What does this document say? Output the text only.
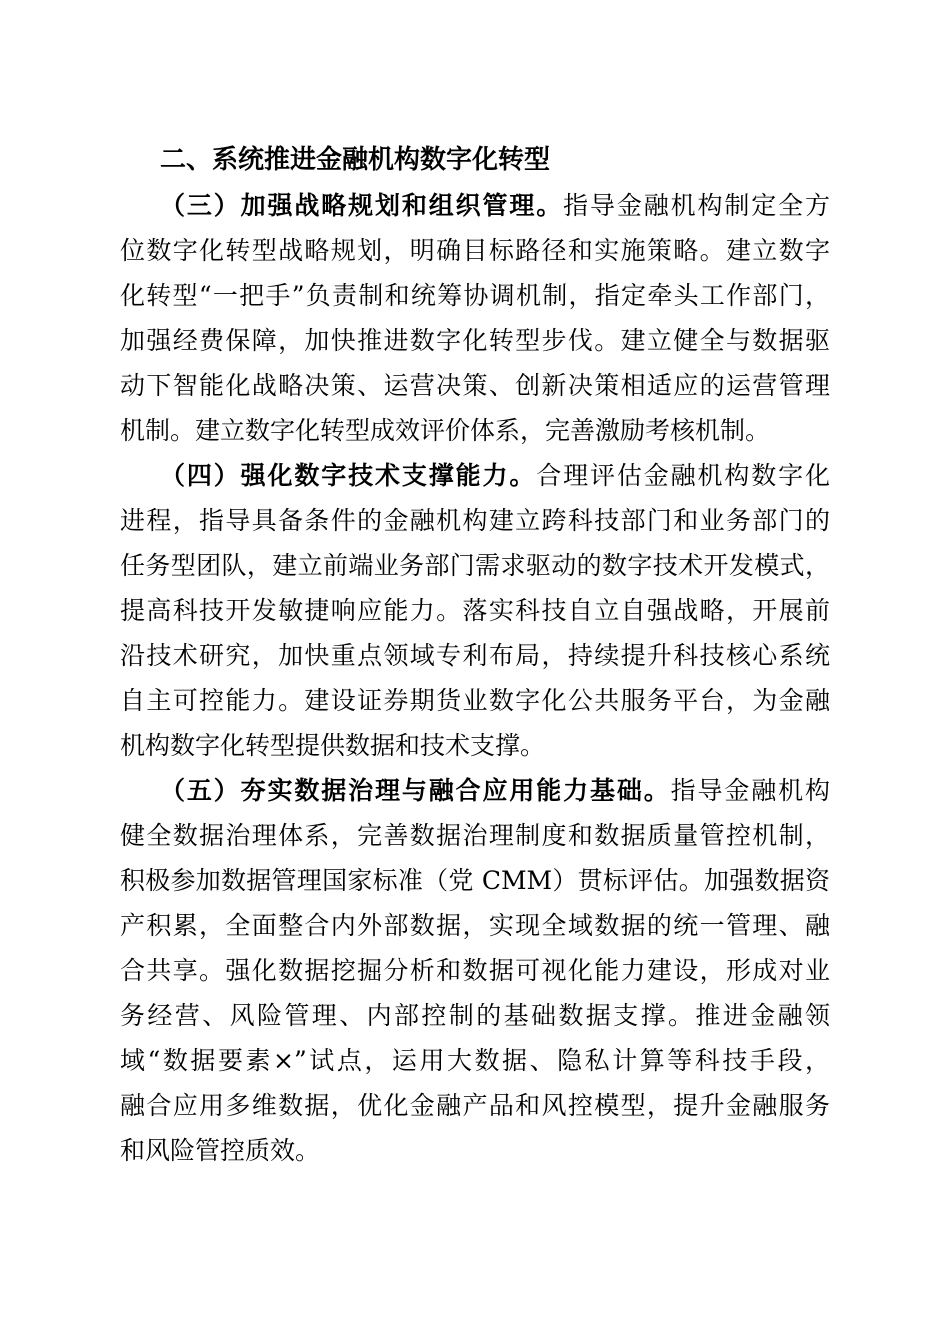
二、系统推进金融机构数字化转型
（三）加强战略规划和组织管理。指导金融机构制定全方
位数字化转型战略规划，明确目标路径和实施策略。建立数字
化转型“一把手”负责制和统筹协调机制，指定牵头工作部门，
加强经费保障，加快推进数字化转型步伐。建立健全与数据驱
动下智能化战略决策、运营决策、创新决策相适应的运营管理
机制。建立数字化转型成效评价体系，完善激励考核机制。
（四）强化数字技术支撑能力。合理评估金融机构数字化
进程，指导具备条件的金融机构建立跨科技部门和业务部门的
任务型团队，建立前端业务部门需求驱动的数字技术开发模式，
提高科技开发敏捷响应能力。落实科技自立自强战略，开展前
沿技术研究，加快重点领域专利布局，持续提升科技核心系统
自主可控能力。建设证券期货业数字化公共服务平台，为金融
机构数字化转型提供数据和技术支撑。
（五）夯实数据治理与融合应用能力基础。指导金融机构
健全数据治理体系，完善数据治理制度和数据质量管控机制，
积极参加数据管理国家标准（党 CMM）贯标评估。加强数据资
产积累，全面整合内外部数据，实现全域数据的统一管理、融
合共享。强化数据挖掘分析和数据可视化能力建设，形成对业
务经营、风险管理、内部控制的基础数据支撑。推进金融领
域“数据要素×”试点，运用大数据、隐私计算等科技手段，
融合应用多维数据，优化金融产品和风控模型，提升金融服务
和风险管控质效。
